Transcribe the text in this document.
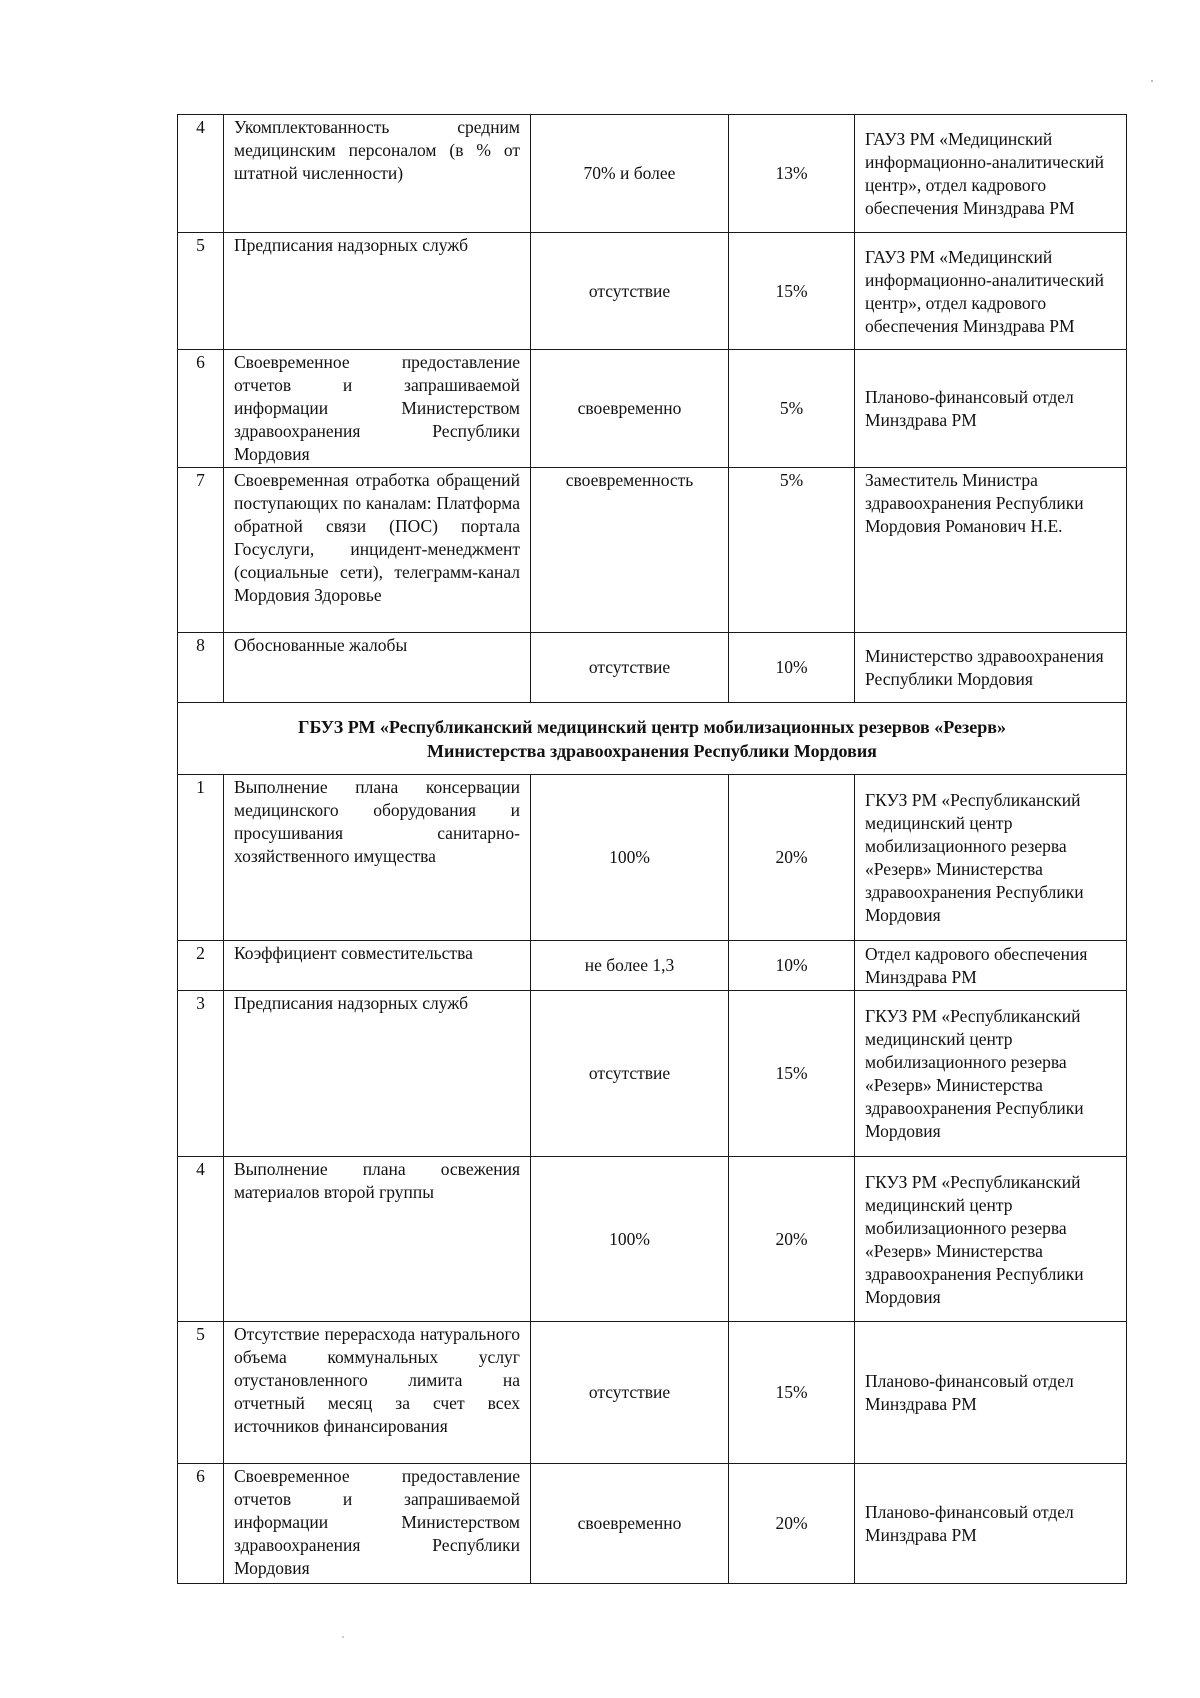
4	Укомплектованность средним медицинским персоналом (в % от штатной численности)	70% и более	13%	ГАУЗ РМ «Медицинский информационно-аналитический центр», отдел кадрового обеспечения Минздрава РМ
5	Предписания надзорных служб	отсутствие	15%	ГАУЗ РМ «Медицинский информационно-аналитический центр», отдел кадрового обеспечения Минздрава РМ
6	Своевременное предоставление отчетов и запрашиваемой информации Министерством здравоохранения Республики Мордовия	своевременно	5%	Планово-финансовый отдел Минздрава РМ
7	Своевременная отработка обращений поступающих по каналам: Платформа обратной связи (ПОС) портала Госуслуги, инцидент-менеджмент (социальные сети), телеграмм-канал Мордовия Здоровье	своевременность	5%	Заместитель Министра здравоохранения Республики Мордовия Романович Н.Е.
8	Обоснованные жалобы	отсутствие	10%	Министерство здравоохранения Республики Мордовия

ГБУЗ РМ «Республиканский медицинский центр мобилизационных резервов «Резерв»
Министерства здравоохранения Республики Мордовия				

1	Выполнение плана консервации медицинского оборудования и просушивания санитарно-хозяйственного имущества	100%	20%	ГКУЗ РМ «Республиканский медицинский центр мобилизационного резерва «Резерв» Министерства здравоохранения Республики Мордовия
2	Коэффициент совместительства	не более 1,3	10%	Отдел кадрового обеспечения Минздрава РМ
3	Предписания надзорных служб	отсутствие	15%	ГКУЗ РМ «Республиканский медицинский центр мобилизационного резерва «Резерв» Министерства здравоохранения Республики Мордовия
4	Выполнение плана освежения материалов второй группы	100%	20%	ГКУЗ РМ «Республиканский медицинский центр мобилизационного резерва «Резерв» Министерства здравоохранения Республики Мордовия
5	Отсутствие перерасхода натурального объема коммунальных услуг отустановленного лимита на отчетный месяц за счет всех источников финансирования	отсутствие	15%	Планово-финансовый отдел Минздрава РМ
6	Своевременное предоставление отчетов и запрашиваемой информации Министерством здравоохранения Республики Мордовия	своевременно	20%	Планово-финансовый отдел Минздрава РМ
